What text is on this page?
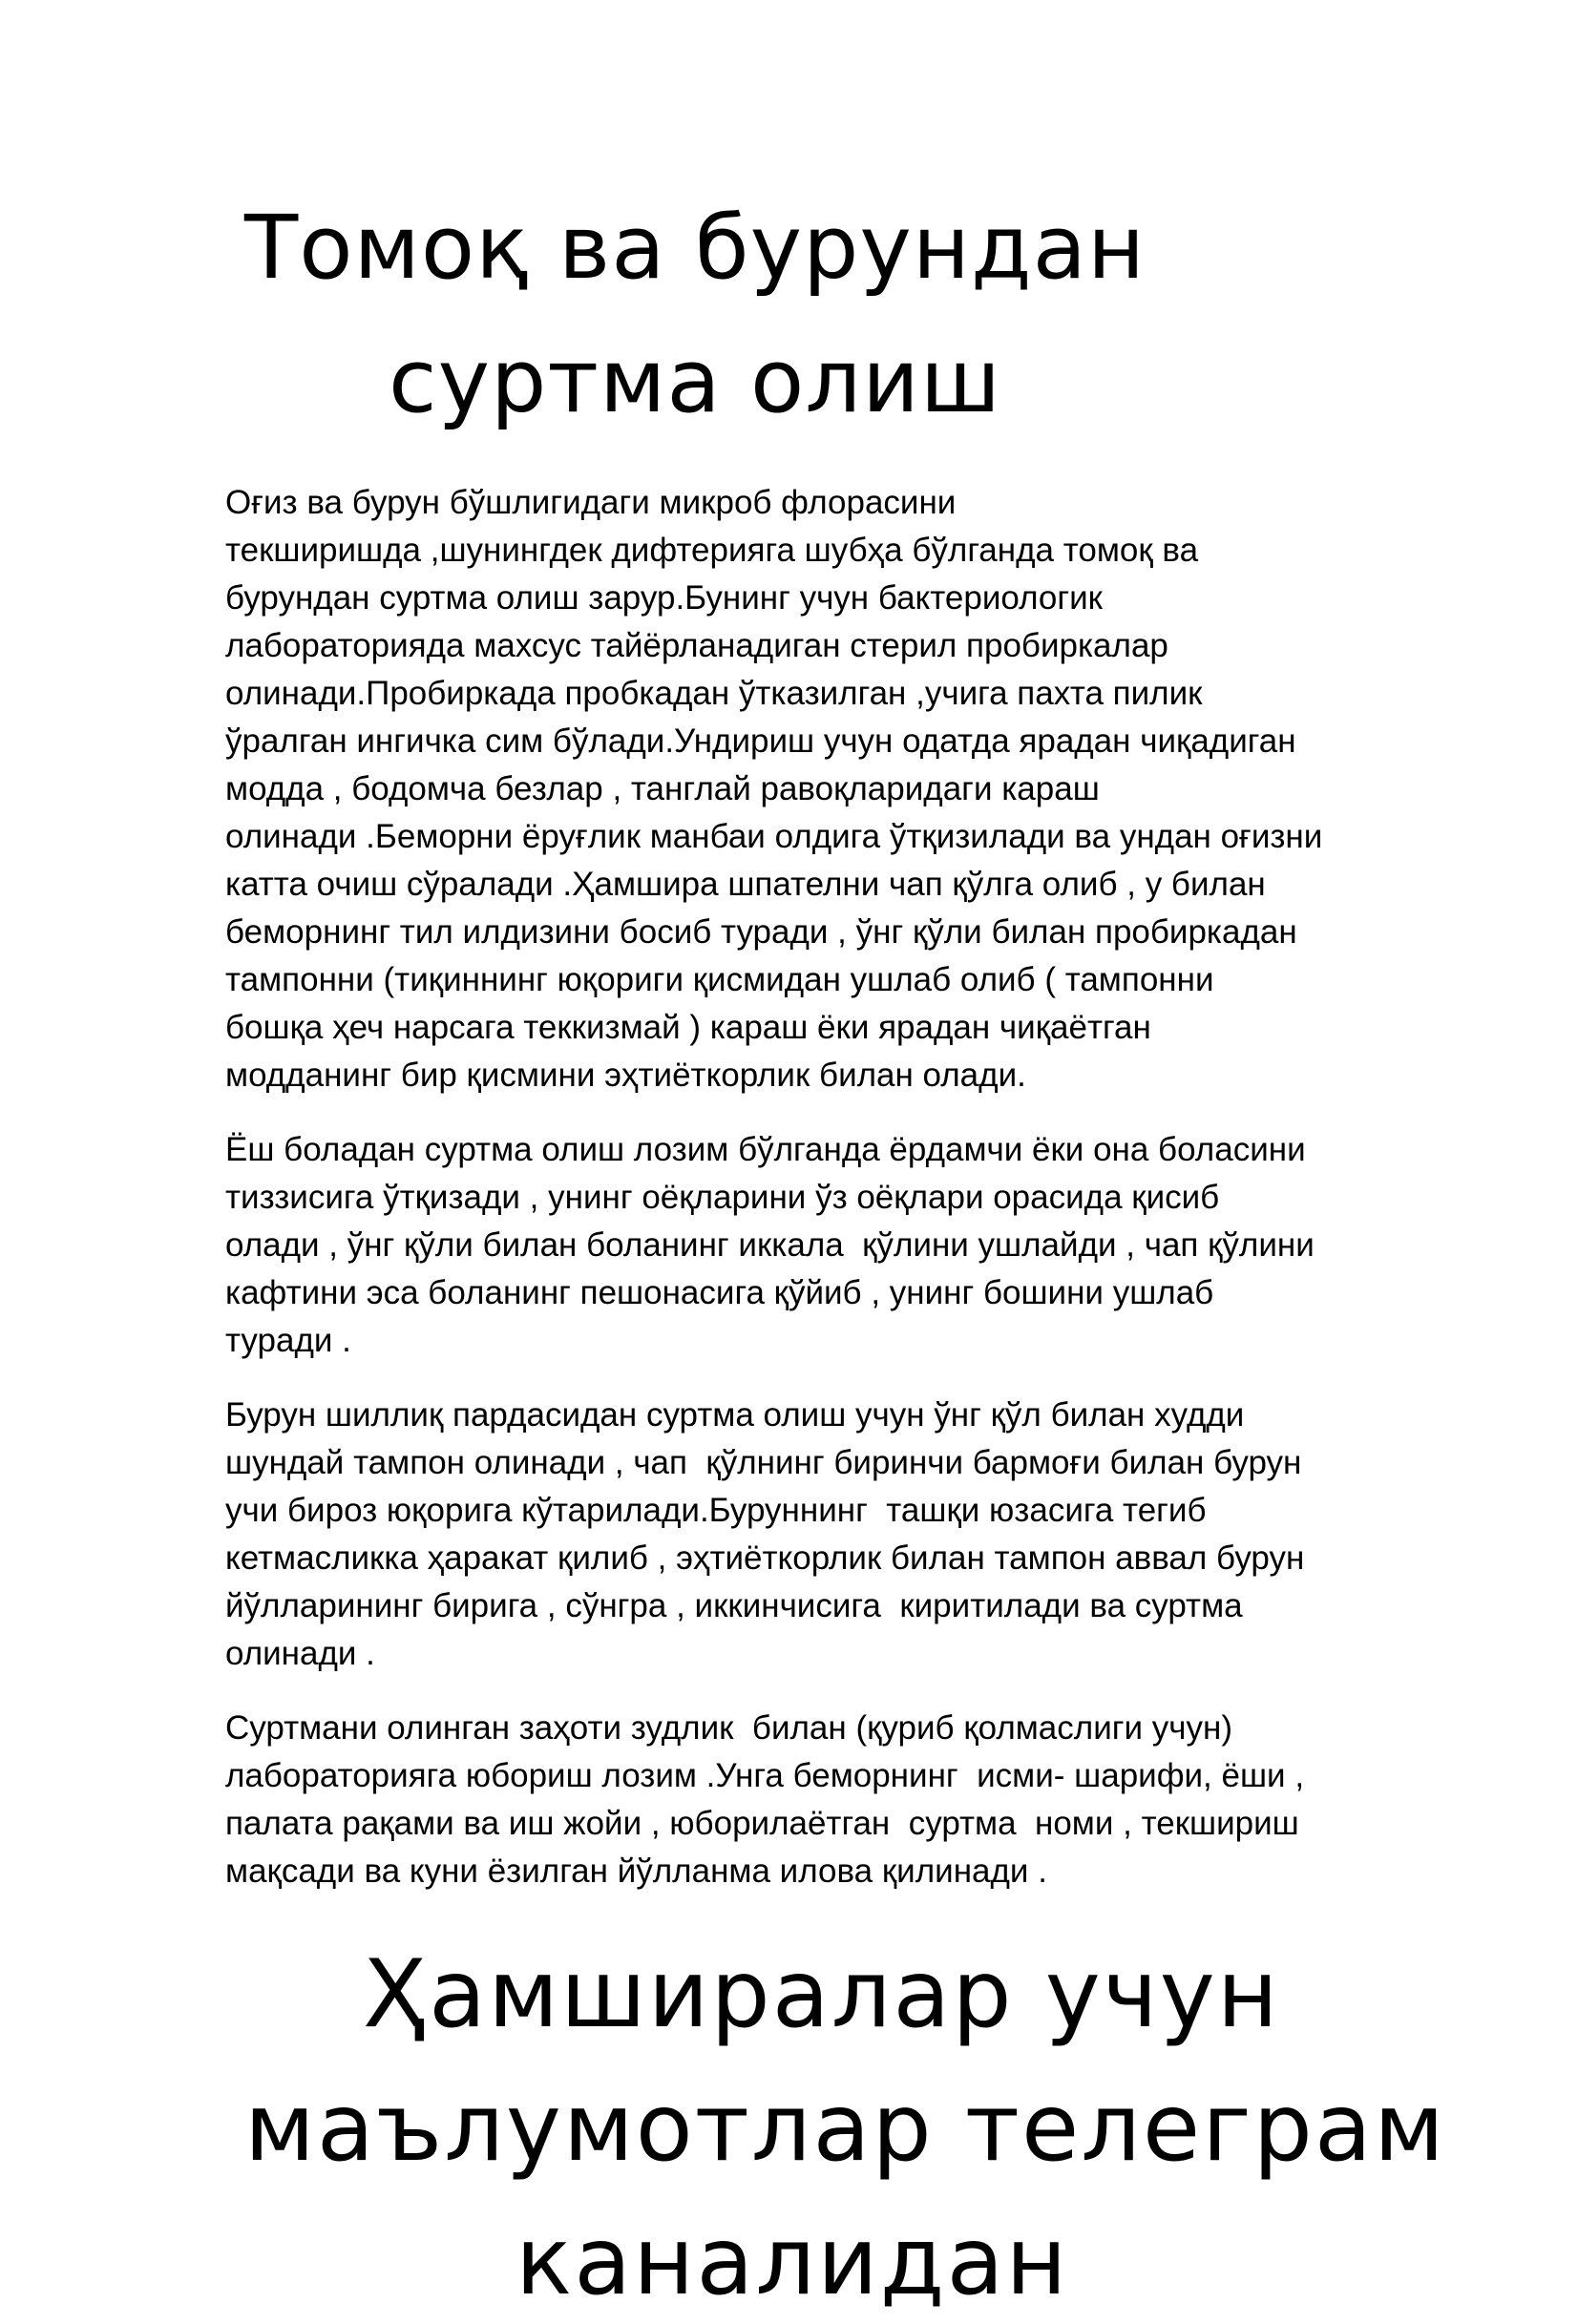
Томоқ ва бурундан
суртма олиш

Оғиз ва бурун бўшлигидаги микроб флорасини
текширишда ,шунингдек дифтерияга шубҳа бўлганда томоқ ва
бурундан суртма олиш зарур.Бунинг учун бактериологик
лабораторияда махсус тайёрланадиган стерил пробиркалар
олинади.Пробиркада пробкадан ўтказилган ,учига пахта пилик
ўралган ингичка сим бўлади.Ундириш учун одатда ярадан чиқадиган
модда , бодомча безлар , танглай равоқларидаги караш
олинади .Беморни ёруғлик манбаи олдига ўтқизилади ва ундан оғизни
катта очиш сўралади .Ҳамшира шпателни чап қўлга олиб , у билан
беморнинг тил илдизини босиб туради , ўнг қўли билан пробиркадан
тампонни (тиқиннинг юқориги қисмидан ушлаб олиб ( тампонни
бошқа ҳеч нарсага теккизмай ) караш ёки ярадан чиқаётган
модданинг бир қисмини эҳтиёткорлик билан олади.

Ёш боладан суртма олиш лозим бўлганда ёрдамчи ёки она боласини
тиззисига ўтқизади , унинг оёқларини ўз оёқлари орасида қисиб
олади , ўнг қўли билан боланинг иккала  қўлини ушлайди , чап қўлини
кафтини эса боланинг пешонасига қўйиб , унинг бошини ушлаб
туради .

Бурун шиллиқ пардасидан суртма олиш учун ўнг қўл билан худди
шундай тампон олинади , чап  қўлнинг биринчи бармоғи билан бурун
учи бироз юқорига кўтарилади.Буруннинг  ташқи юзасига тегиб
кетмасликка ҳаракат қилиб , эҳтиёткорлик билан тампон аввал бурун
йўлларининг бирига , сўнгра , иккинчисига  киритилади ва суртма
олинади .

Суртмани олинган заҳоти зудлик  билан (қуриб қолмаслиги учун)
лабораторияга юбориш лозим .Унга беморнинг  исми- шарифи, ёши ,
палата рақами ва иш жойи , юборилаётган  суртма  номи , текшириш
мақсади ва куни ёзилган йўлланма илова қилинади .

Ҳамширалар учун
маълумотлар телеграм
каналидан
